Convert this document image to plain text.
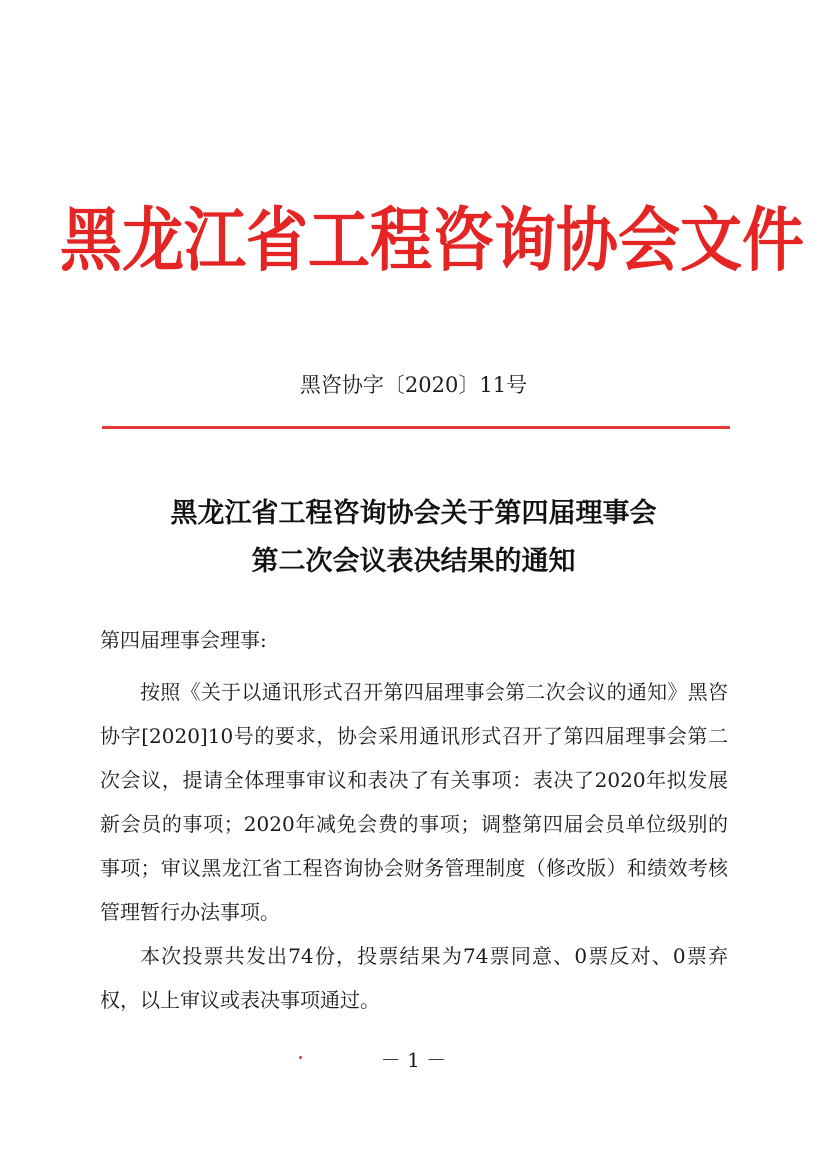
黑龙江省工程咨询协会文件
黑咨协字〔2020〕11号
黑龙江省工程咨询协会关于第四届理事会
第二次会议表决结果的通知
第四届理事会理事:
按照《关于以通讯形式召开第四届理事会第二次会议的通知》黑咨协字[2020]10号的要求，协会采用通讯形式召开了第四届理事会第二次会议，提请全体理事审议和表决了有关事项：表决了2020年拟发展新会员的事项；2020年减免会费的事项；调整第四届会员单位级别的事项；审议黑龙江省工程咨询协会财务管理制度（修改版）和绩效考核管理暂行办法事项。
本次投票共发出74份，投票结果为74票同意、0票反对、0票弃权，以上审议或表决事项通过。
－ 1 －
